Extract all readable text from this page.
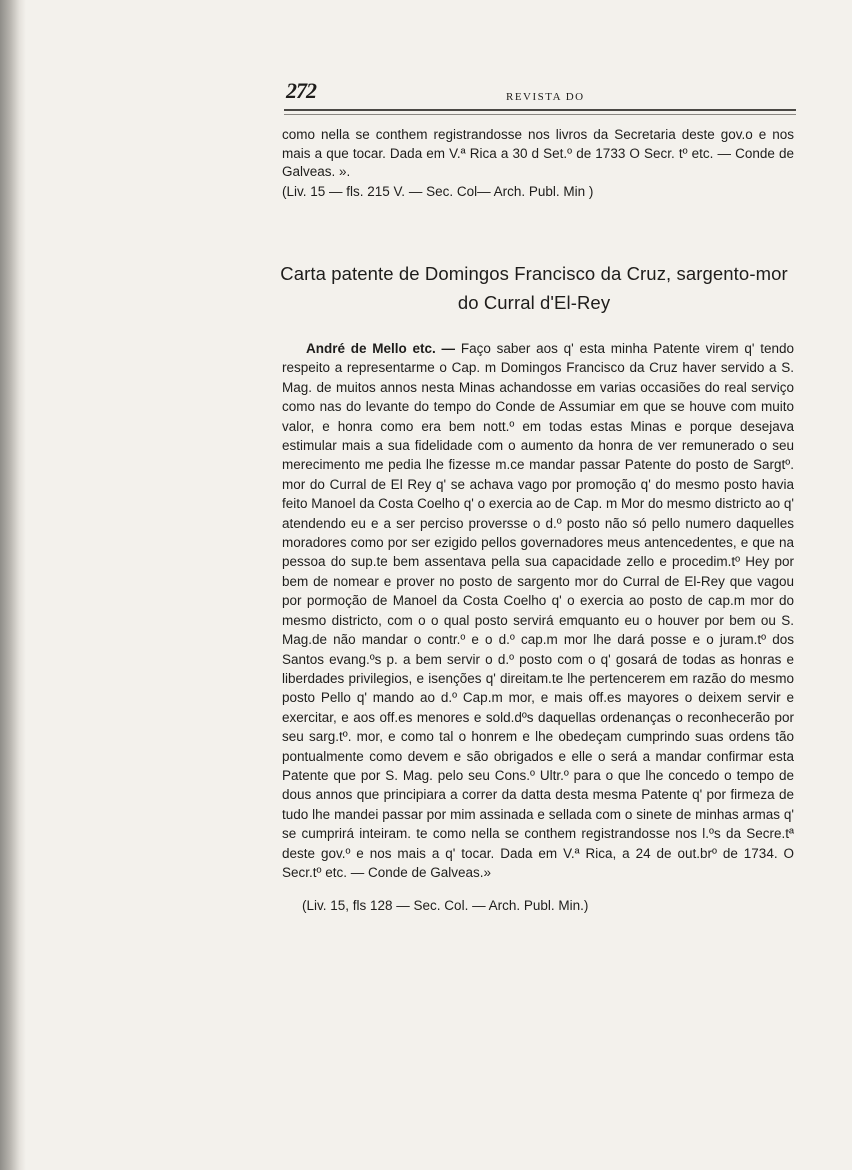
272	REVISTA DO

como nella se conthem registrandosse nos livros da Secretaria deste gov.o e nos mais a que tocar. Dada em V.ª Rica a 30 d Set.º de 1733 O Secr. tº etc. — Conde de Galveas. ».

(Liv. 15 — fls. 215 V. — Sec. Col— Arch. Publ. Min )

Carta patente de Domingos Francisco da Cruz, sargento-mor
do Curral d'El-Rey

André de Mello etc. — Faço saber aos q' esta minha Patente virem q' tendo respeito a representarme o Cap. m Domingos Francisco da Cruz haver servido a S. Mag. de muitos annos nesta Minas achandosse em varias occasiões do real serviço como nas do levante do tempo do Conde de Assumiar em que se houve com muito valor, e honra como era bem nott.º em todas estas Minas e porque desejava estimular mais a sua fidelidade com o aumento da honra de ver remunerado o seu merecimento me pedia lhe fizesse m.ce mandar passar Patente do posto de Sargtº. mor do Curral de El Rey q' se achava vago por promoção q' do mesmo posto havia feito Manoel da Costa Coelho q' o exercia ao de Cap. m Mor do mesmo districto ao q' atendendo eu e a ser perciso proversse o d.º posto não só pello numero daquelles moradores como por ser ezigido pellos governadores meus antencedentes, e que na pessoa do sup.te bem assentava pella sua capacidade zello e procedim.tº Hey por bem de nomear e prover no posto de sargento mor do Curral de El-Rey que vagou por pormoção de Manoel da Costa Coelho q' o exercia ao posto de cap.m mor do mesmo districto, com o o qual posto servirá emquanto eu o houver por bem ou S. Mag.de não mandar o contr.º e o d.º cap.m mor lhe dará posse e o juram.tº dos Santos evang.ºs p. a bem servir o d.º posto com o q' gosará de todas as honras e liberdades privilegios, e isenções q' direitam.te lhe pertencerem em razão do mesmo posto Pello q' mando ao d.º Cap.m mor, e mais off.es mayores o deixem servir e exercitar, e aos off.es menores e sold.dºs daquellas ordenanças o reconhecerão por seu sarg.tº. mor, e como tal o honrem e lhe obedeçam cumprindo suas ordens tão pontualmente como devem e são obrigados e elle o será a mandar confirmar esta Patente que por S. Mag. pelo seu Cons.º Ultr.º para o que lhe concedo o tempo de dous annos que principiara a correr da datta desta mesma Patente q' por firmeza de tudo lhe mandei passar por mim assinada e sellada com o sinete de minhas armas q' se cumprirá inteiram. te como nella se conthem registrandosse nos l.ºs da Secre.tª deste gov.º e nos mais a q' tocar. Dada em V.ª Rica, a 24 de out.brº de 1734. O Secr.tº etc. — Conde de Galveas.»

(Liv. 15, fls 128 — Sec. Col. — Arch. Publ. Min.)
